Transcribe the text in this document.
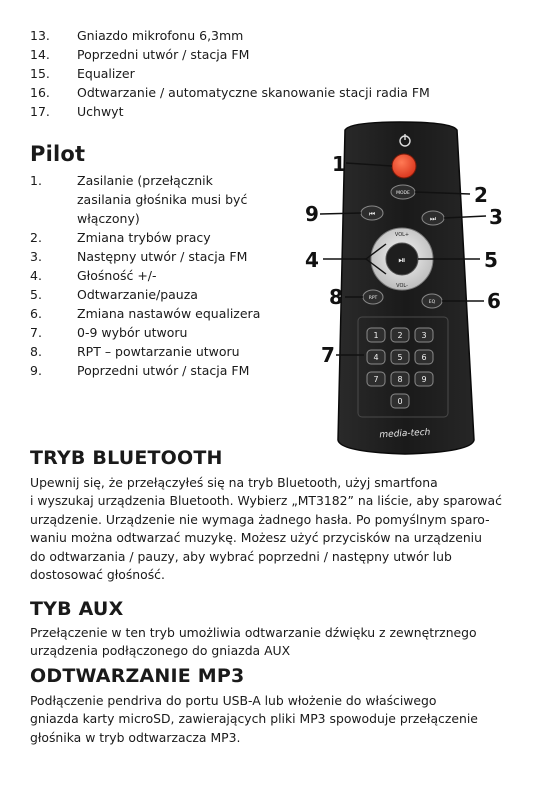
13. Gniazdo mikrofonu 6,3mm
14. Poprzedni utwór / stacja FM
15. Equalizer
16. Odtwarzanie / automatyczne skanowanie stacji radia FM
17. Uchwyt
Pilot
1.	Zasilanie (przełącznik
zasilania głośnika musi być
włączony)
2.	Zmiana trybów pracy
3.	Następny utwór / stacja FM
4.	Głośność +/-
5.	Odtwarzanie/pauza
6.	Zmiana nastawów equalizera
7.	0-9 wybór utworu
8.	RPT – powtarzanie utworu
9.	Poprzedni utwór / stacja FM
MODE
⏮
⏭
VOL+
VOL-
⏯
RPT
EQ
1 2 3
4 5 6
7 8 9
0
media-tech
1
2
3
4	5
6
7
8
9
TRYB BLUETOOTH
Upewnij się, że przełączyłeś się na tryb Bluetooth, użyj smartfona
i wyszukaj urządzenia Bluetooth. Wybierz „MT3182” na liście, aby sparować
urządzenie. Urządzenie nie wymaga żadnego hasła. Po pomyślnym sparo-
waniu można odtwarzać muzykę. Możesz użyć przycisków na urządzeniu
do odtwarzania / pauzy, aby wybrać poprzedni / następny utwór lub
dostosować głośność.
TYB AUX
Przełączenie w ten tryb umożliwia odtwarzanie dźwięku z zewnętrznego
urządzenia podłączonego do gniazda AUX
ODTWARZANIE MP3
Podłączenie pendriva do portu USB-A lub włożenie do właściwego
gniazda karty microSD, zawierających pliki MP3 spowoduje przełączenie
głośnika w tryb odtwarzacza MP3.
